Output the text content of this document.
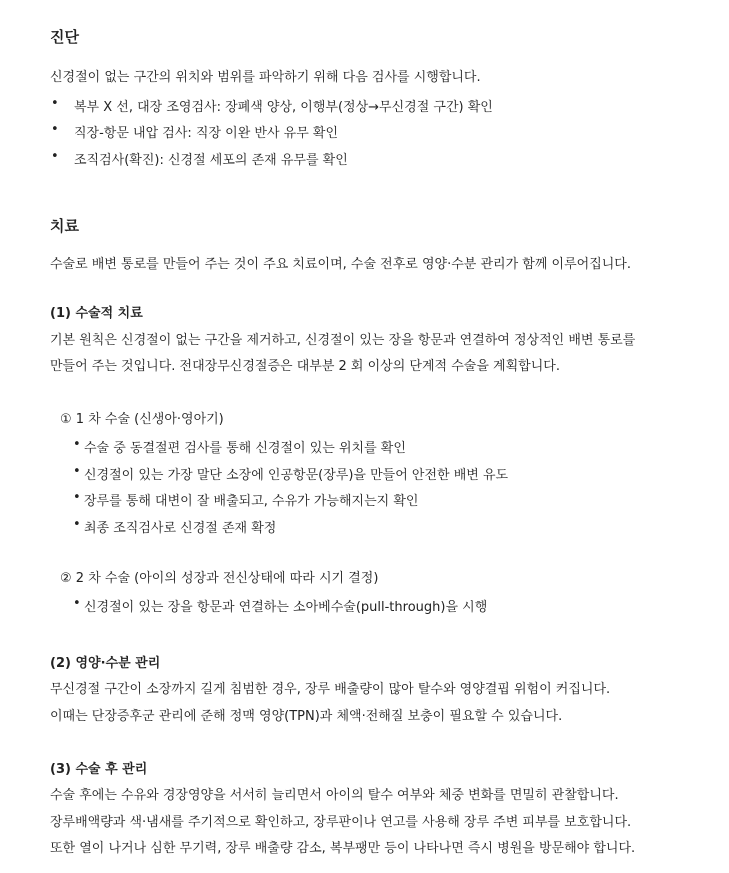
진단
신경절이 없는 구간의 위치와 범위를 파악하기 위해 다음 검사를 시행합니다.
• 복부 X 선, 대장 조영검사: 장폐색 양상, 이행부(정상→무신경절 구간) 확인
• 직장-항문 내압 검사: 직장 이완 반사 유무 확인
• 조직검사(확진): 신경절 세포의 존재 유무를 확인
치료
수술로 배변 통로를 만들어 주는 것이 주요 치료이며, 수술 전후로 영양·수분 관리가 함께 이루어집니다.
(1) 수술적 치료
기본 원칙은 신경절이 없는 구간을 제거하고, 신경절이 있는 장을 항문과 연결하여 정상적인 배변 통로를
만들어 주는 것입니다. 전대장무신경절증은 대부분 2 회 이상의 단계적 수술을 계획합니다.
① 1 차 수술 (신생아·영아기)
• 수술 중 동결절편 검사를 통해 신경절이 있는 위치를 확인
• 신경절이 있는 가장 말단 소장에 인공항문(장루)을 만들어 안전한 배변 유도
• 장루를 통해 대변이 잘 배출되고, 수유가 가능해지는지 확인
• 최종 조직검사로 신경절 존재 확정
② 2 차 수술 (아이의 성장과 전신상태에 따라 시기 결정)
• 신경절이 있는 장을 항문과 연결하는 소아베수술(pull-through)을 시행
(2) 영양·수분 관리
무신경절 구간이 소장까지 길게 침범한 경우, 장루 배출량이 많아 탈수와 영양결핍 위험이 커집니다.
이때는 단장증후군 관리에 준해 정맥 영양(TPN)과 체액·전해질 보충이 필요할 수 있습니다.
(3) 수술 후 관리
수술 후에는 수유와 경장영양을 서서히 늘리면서 아이의 탈수 여부와 체중 변화를 면밀히 관찰합니다.
장루배액량과 색·냄새를 주기적으로 확인하고, 장루판이나 연고를 사용해 장루 주변 피부를 보호합니다.
또한 열이 나거나 심한 무기력, 장루 배출량 감소, 복부팽만 등이 나타나면 즉시 병원을 방문해야 합니다.
